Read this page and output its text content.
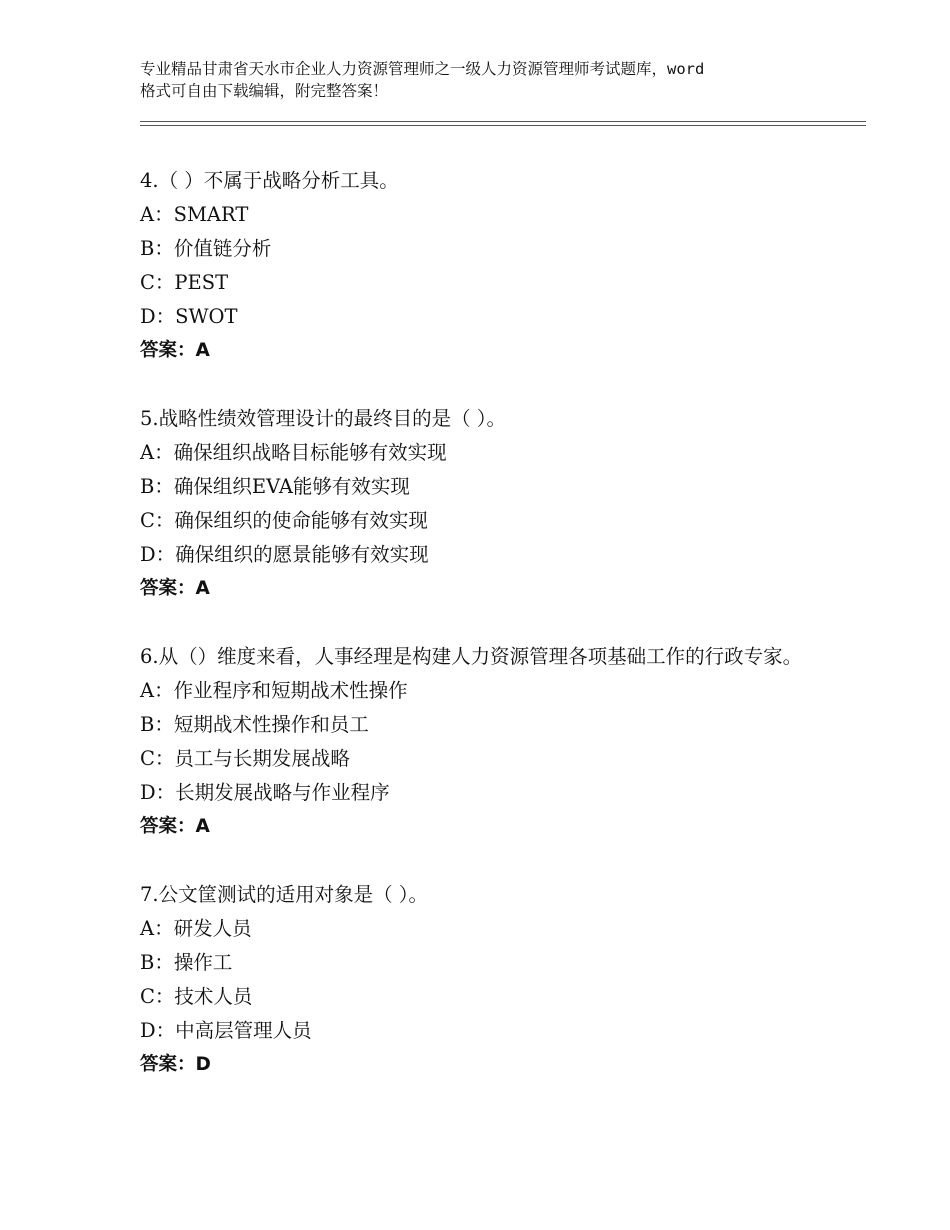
专业精品甘肃省天水市企业人力资源管理师之一级人力资源管理师考试题库，word
格式可自由下载编辑，附完整答案！

4.（ ）不属于战略分析工具。

A：SMART

B：价值链分析

C：PEST

D：SWOT

答案：A

5.战略性绩效管理设计的最终目的是（ ）。

A：确保组织战略目标能够有效实现

B：确保组织EVA能够有效实现

C：确保组织的使命能够有效实现

D：确保组织的愿景能够有效实现

答案：A

6.从（）维度来看，人事经理是构建人力资源管理各项基础工作的行政专家。

A：作业程序和短期战术性操作

B：短期战术性操作和员工

C：员工与长期发展战略

D：长期发展战略与作业程序

答案：A

7.公文筐测试的适用对象是（ ）。

A：研发人员

B：操作工

C：技术人员

D：中高层管理人员

答案：D
